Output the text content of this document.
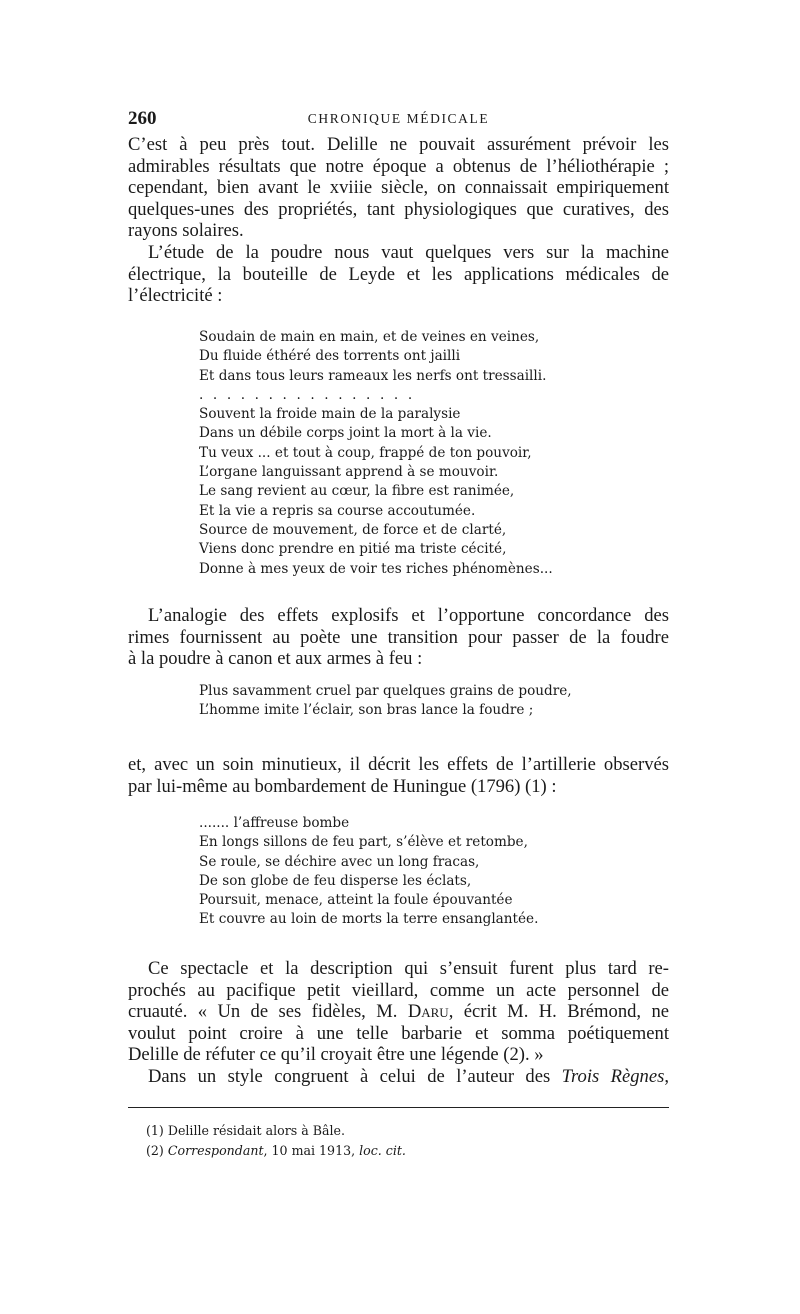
260	CHRONIQUE MÉDICALE
C’est à peu près tout. Delille ne pouvait assurément prévoir les
admirables résultats que notre époque a obtenus de l’héliothérapie ;
cependant, bien avant le xviiie siècle, on connaissait empiriquement
quelques-unes des propriétés, tant physiologiques que curatives, des
rayons solaires.
L’étude de la poudre nous vaut quelques vers sur la machine
électrique, la bouteille de Leyde et les applications médicales de
l’électricité :
Soudain de main en main, et de veines en veines,
Du fluide éthéré des torrents ont jailli
Et dans tous leurs rameaux les nerfs ont tressailli.
................
Souvent la froide main de la paralysie
Dans un débile corps joint la mort à la vie.
Tu veux ... et tout à coup, frappé de ton pouvoir,
L’organe languissant apprend à se mouvoir.
Le sang revient au cœur, la fibre est ranimée,
Et la vie a repris sa course accoutumée.
Source de mouvement, de force et de clarté,
Viens donc prendre en pitié ma triste cécité,
Donne à mes yeux de voir tes riches phénomènes...
L’analogie des effets explosifs et l’opportune concordance des
rimes fournissent au poète une transition pour passer de la foudre
à la poudre à canon et aux armes à feu :
Plus savamment cruel par quelques grains de poudre,
L’homme imite l’éclair, son bras lance la foudre ;
et, avec un soin minutieux, il décrit les effets de l’artillerie observés
par lui-même au bombardement de Huningue (1796) (1) :
....... l’affreuse bombe
En longs sillons de feu part, s’élève et retombe,
Se roule, se déchire avec un long fracas,
De son globe de feu disperse les éclats,
Poursuit, menace, atteint la foule épouvantée
Et couvre au loin de morts la terre ensanglantée.
Ce spectacle et la description qui s’ensuit furent plus tard re-
prochés au pacifique petit vieillard, comme un acte personnel de
cruauté. « Un de ses fidèles, M. Daru, écrit M. H. Brémond, ne
voulut point croire à une telle barbarie et somma poétiquement
Delille de réfuter ce qu’il croyait être une légende (2). »
Dans un style congruent à celui de l’auteur des Trois Règnes,
(1) Delille résidait alors à Bâle.
(2) Correspondant, 10 mai 1913, loc. cit.
